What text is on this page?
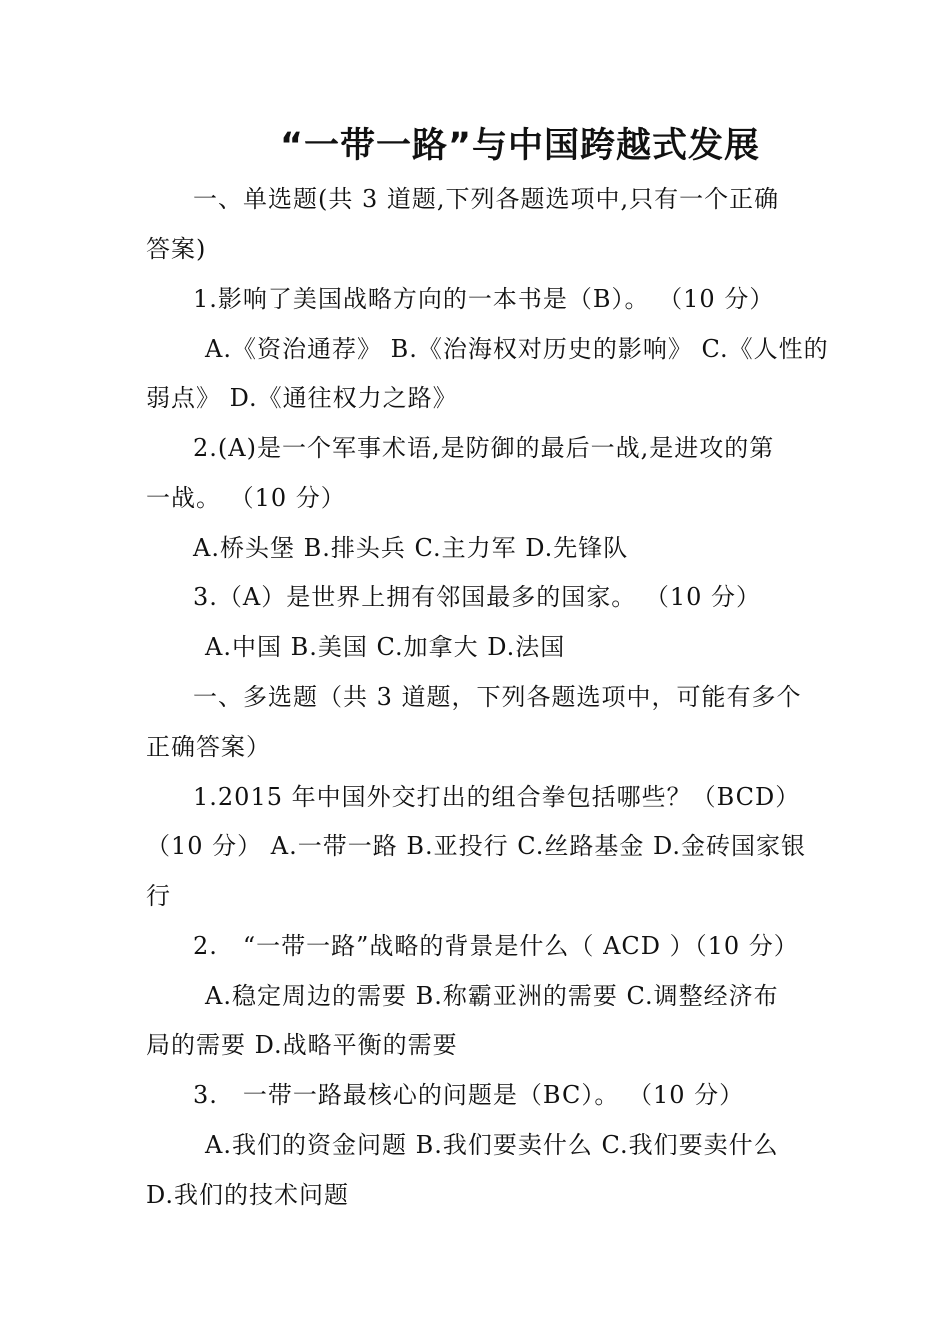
“一带一路”与中国跨越式发展
一、单选题(共 3 道题,下列各题选项中,只有一个正确
答案)
1.影响了美国战略方向的一本书是（B）。 （10 分）
A.《资治通荐》 B.《治海权对历史的影响》 C.《人性的
弱点》 D.《通往权力之路》
2.(A)是一个军事术语,是防御的最后一战,是进攻的第
一战。 （10 分）
A.桥头堡 B.排头兵 C.主力军 D.先锋队
3.（A）是世界上拥有邻国最多的国家。 （10 分）
A.中国 B.美国 C.加拿大 D.法国
一、多选题（共 3 道题，下列各题选项中，可能有多个
正确答案）
1.2015 年中国外交打出的组合拳包括哪些？（BCD）
（10 分） A.一带一路 B.亚投行 C.丝路基金 D.金砖国家银
行
2.　“一带一路”战略的背景是什么（ ACD ）（10 分）
A.稳定周边的需要 B.称霸亚洲的需要 C.调整经济布
局的需要 D.战略平衡的需要
3.　一带一路最核心的问题是（BC）。 （10 分）
A.我们的资金问题 B.我们要卖什么 C.我们要卖什么
D.我们的技术问题
